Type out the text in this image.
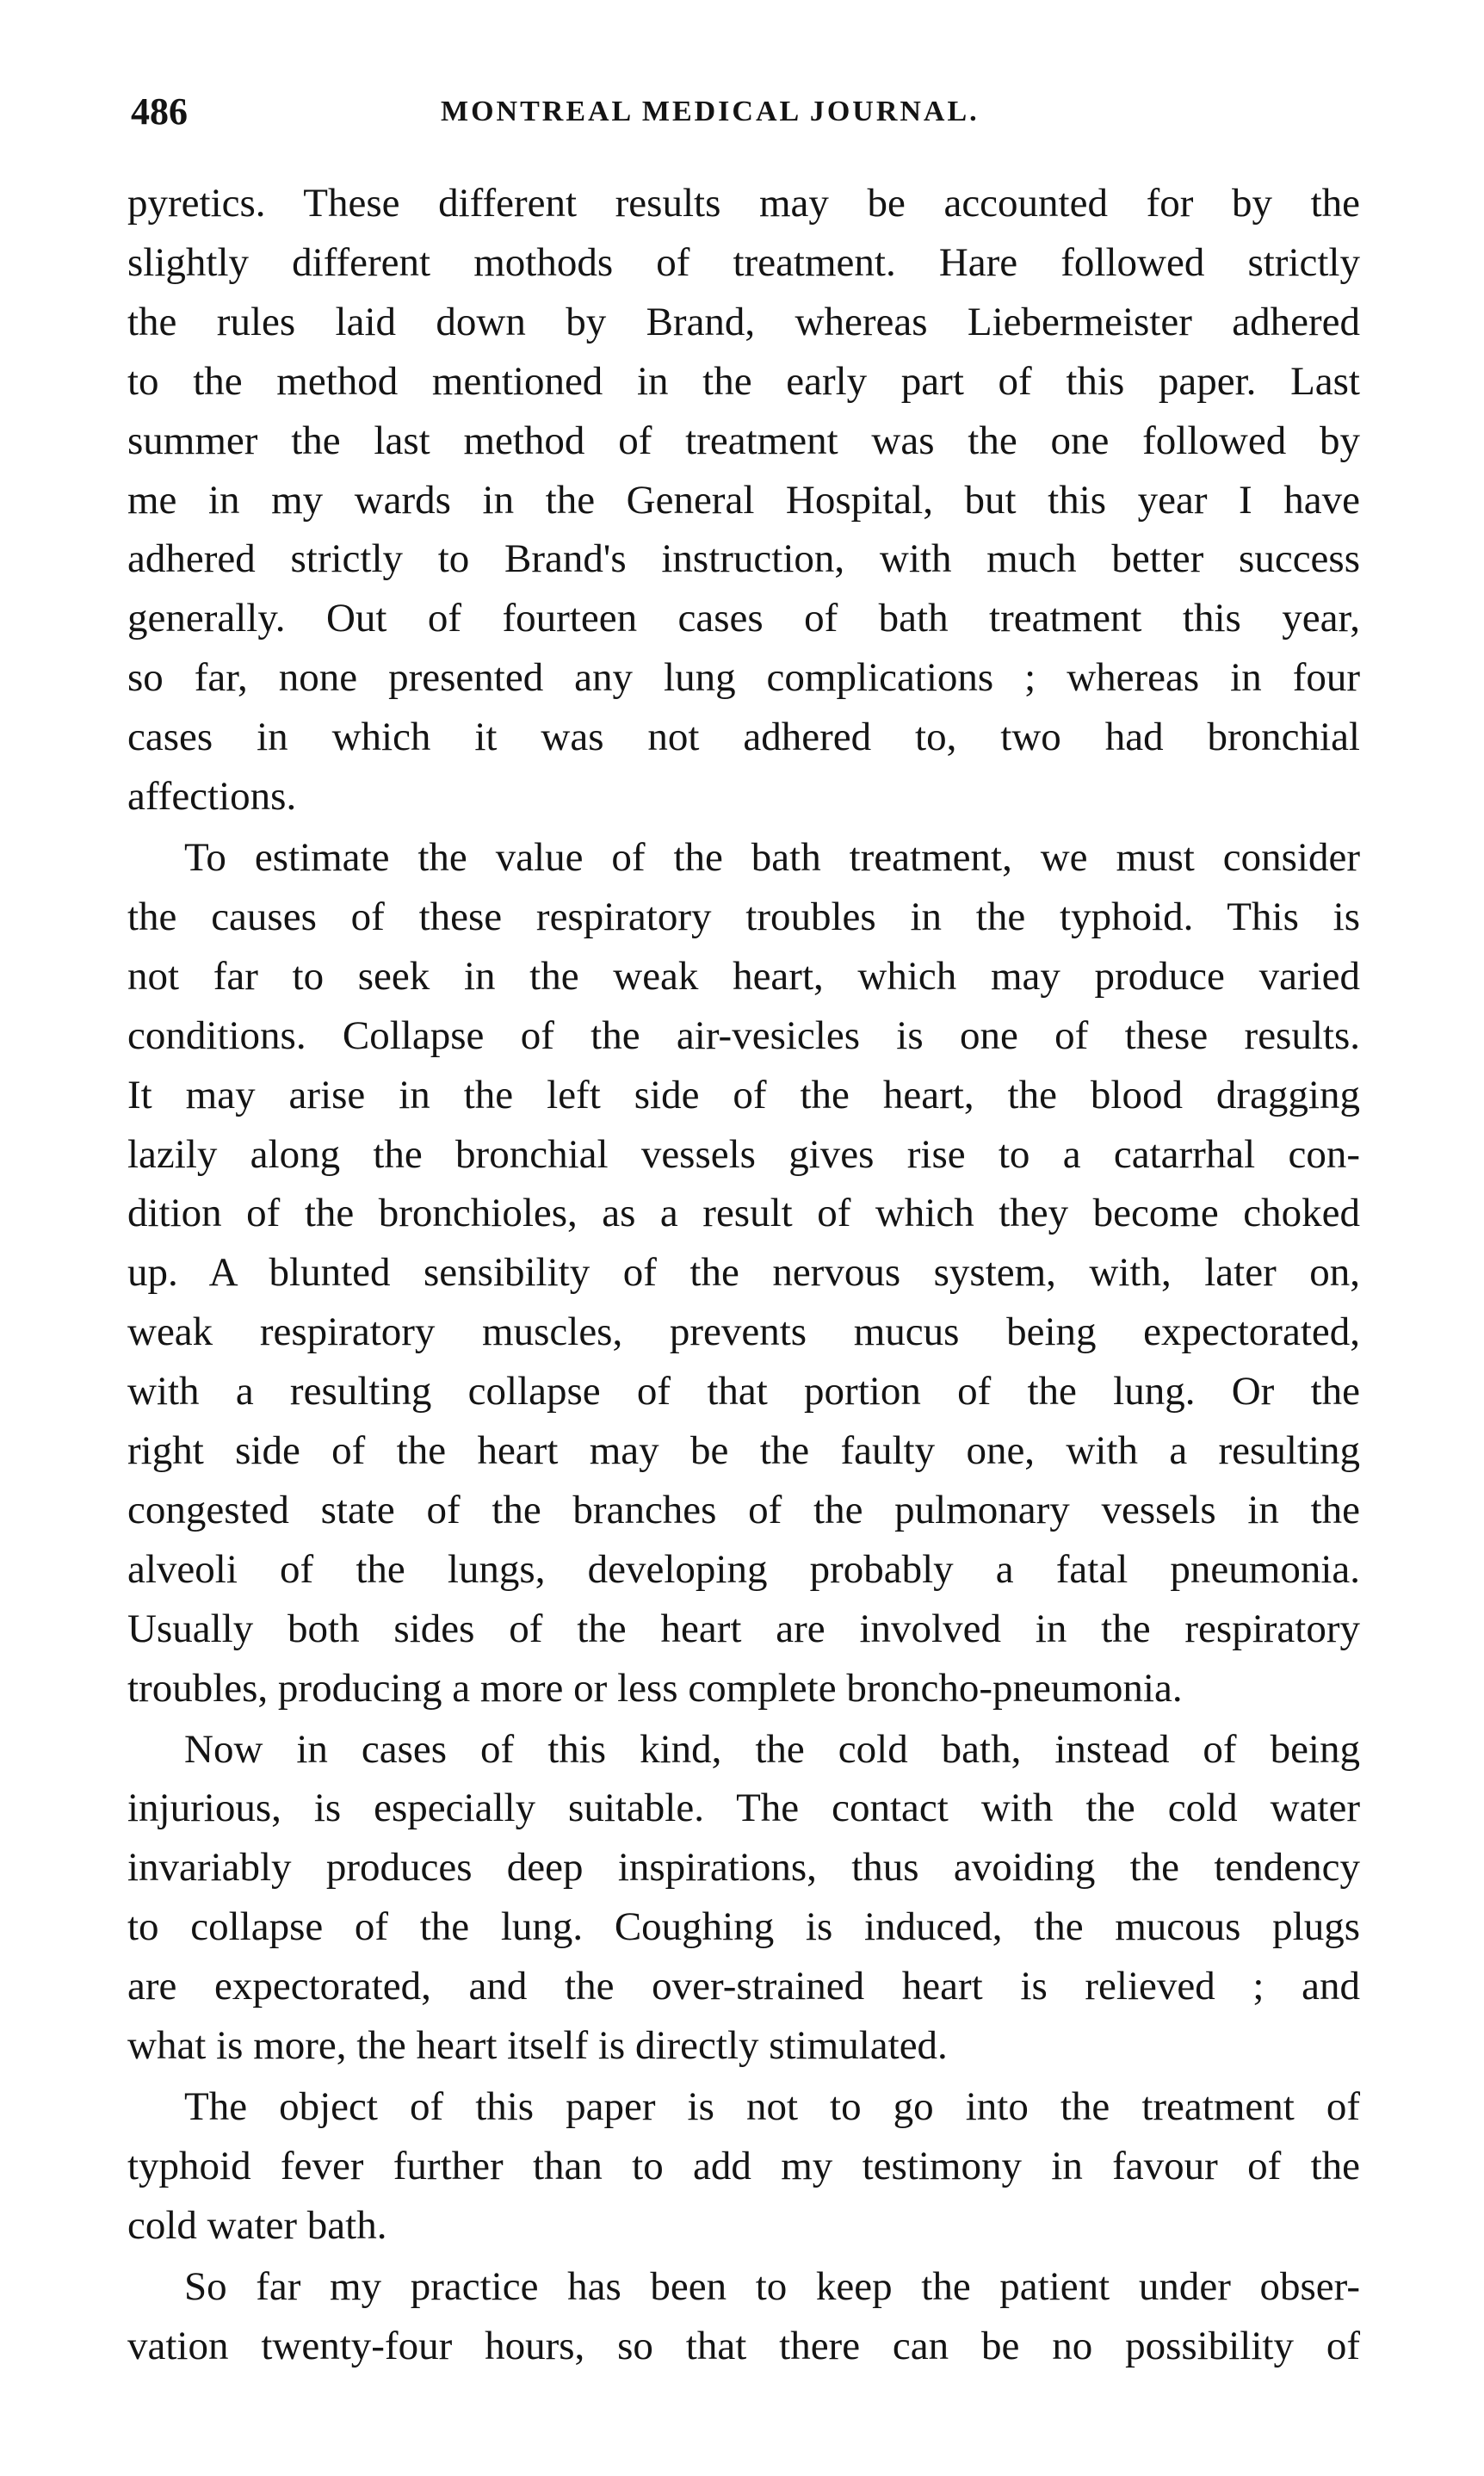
486	MONTREAL MEDICAL JOURNAL.
pyretics. These different results may be accounted for by the
slightly different mothods of treatment. Hare followed strictly
the rules laid down by Brand, whereas Liebermeister adhered
to the method mentioned in the early part of this paper. Last
summer the last method of treatment was the one followed by
me in my wards in the General Hospital, but this year I have
adhered strictly to Brand's instruction, with much better success
generally. Out of fourteen cases of bath treatment this year,
so far, none presented any lung complications ; whereas in four
cases in which it was not adhered to, two had bronchial
affections.
To estimate the value of the bath treatment, we must consider
the causes of these respiratory troubles in the typhoid. This is
not far to seek in the weak heart, which may produce varied
conditions. Collapse of the air-vesicles is one of these results.
It may arise in the left side of the heart, the blood dragging
lazily along the bronchial vessels gives rise to a catarrhal con-
dition of the bronchioles, as a result of which they become choked
up. A blunted sensibility of the nervous system, with, later on,
weak respiratory muscles, prevents mucus being expectorated,
with a resulting collapse of that portion of the lung. Or the
right side of the heart may be the faulty one, with a resulting
congested state of the branches of the pulmonary vessels in the
alveoli of the lungs, developing probably a fatal pneumonia.
Usually both sides of the heart are involved in the respiratory
troubles, producing a more or less complete broncho-pneumonia.
Now in cases of this kind, the cold bath, instead of being
injurious, is especially suitable. The contact with the cold water
invariably produces deep inspirations, thus avoiding the tendency
to collapse of the lung. Coughing is induced, the mucous plugs
are expectorated, and the over-strained heart is relieved ; and
what is more, the heart itself is directly stimulated.
The object of this paper is not to go into the treatment of
typhoid fever further than to add my testimony in favour of the
cold water bath.
So far my practice has been to keep the patient under obser-
vation twenty-four hours, so that there can be no possibility of
